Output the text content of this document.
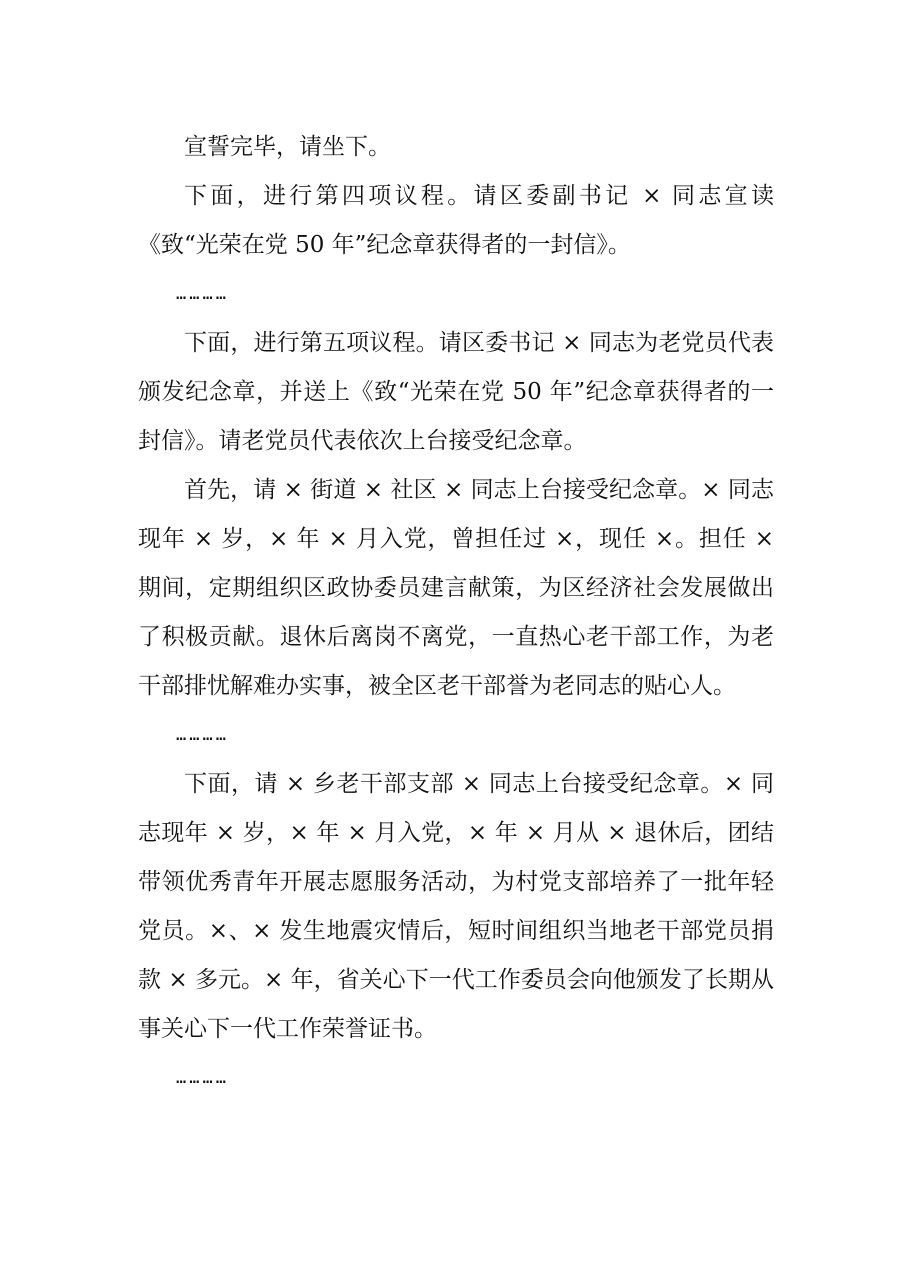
宣誓完毕，请坐下。

下面，进行第四项议程。请区委副书记 × 同志宣读《致“光荣在党 50 年”纪念章获得者的一封信》。

…………

下面，进行第五项议程。请区委书记 × 同志为老党员代表颁发纪念章，并送上《致“光荣在党 50 年”纪念章获得者的一封信》。请老党员代表依次上台接受纪念章。

首先，请 × 街道 × 社区 × 同志上台接受纪念章。× 同志现年 × 岁，× 年 × 月入党，曾担任过 ×，现任 ×。担任 × 期间，定期组织区政协委员建言献策，为区经济社会发展做出了积极贡献。退休后离岗不离党，一直热心老干部工作，为老干部排忧解难办实事，被全区老干部誉为老同志的贴心人。

…………

下面，请 × 乡老干部支部 × 同志上台接受纪念章。× 同志现年 × 岁，× 年 × 月入党，× 年 × 月从 × 退休后，团结带领优秀青年开展志愿服务活动，为村党支部培养了一批年轻党员。×、× 发生地震灾情后，短时间组织当地老干部党员捐款 × 多元。× 年，省关心下一代工作委员会向他颁发了长期从事关心下一代工作荣誉证书。

…………
